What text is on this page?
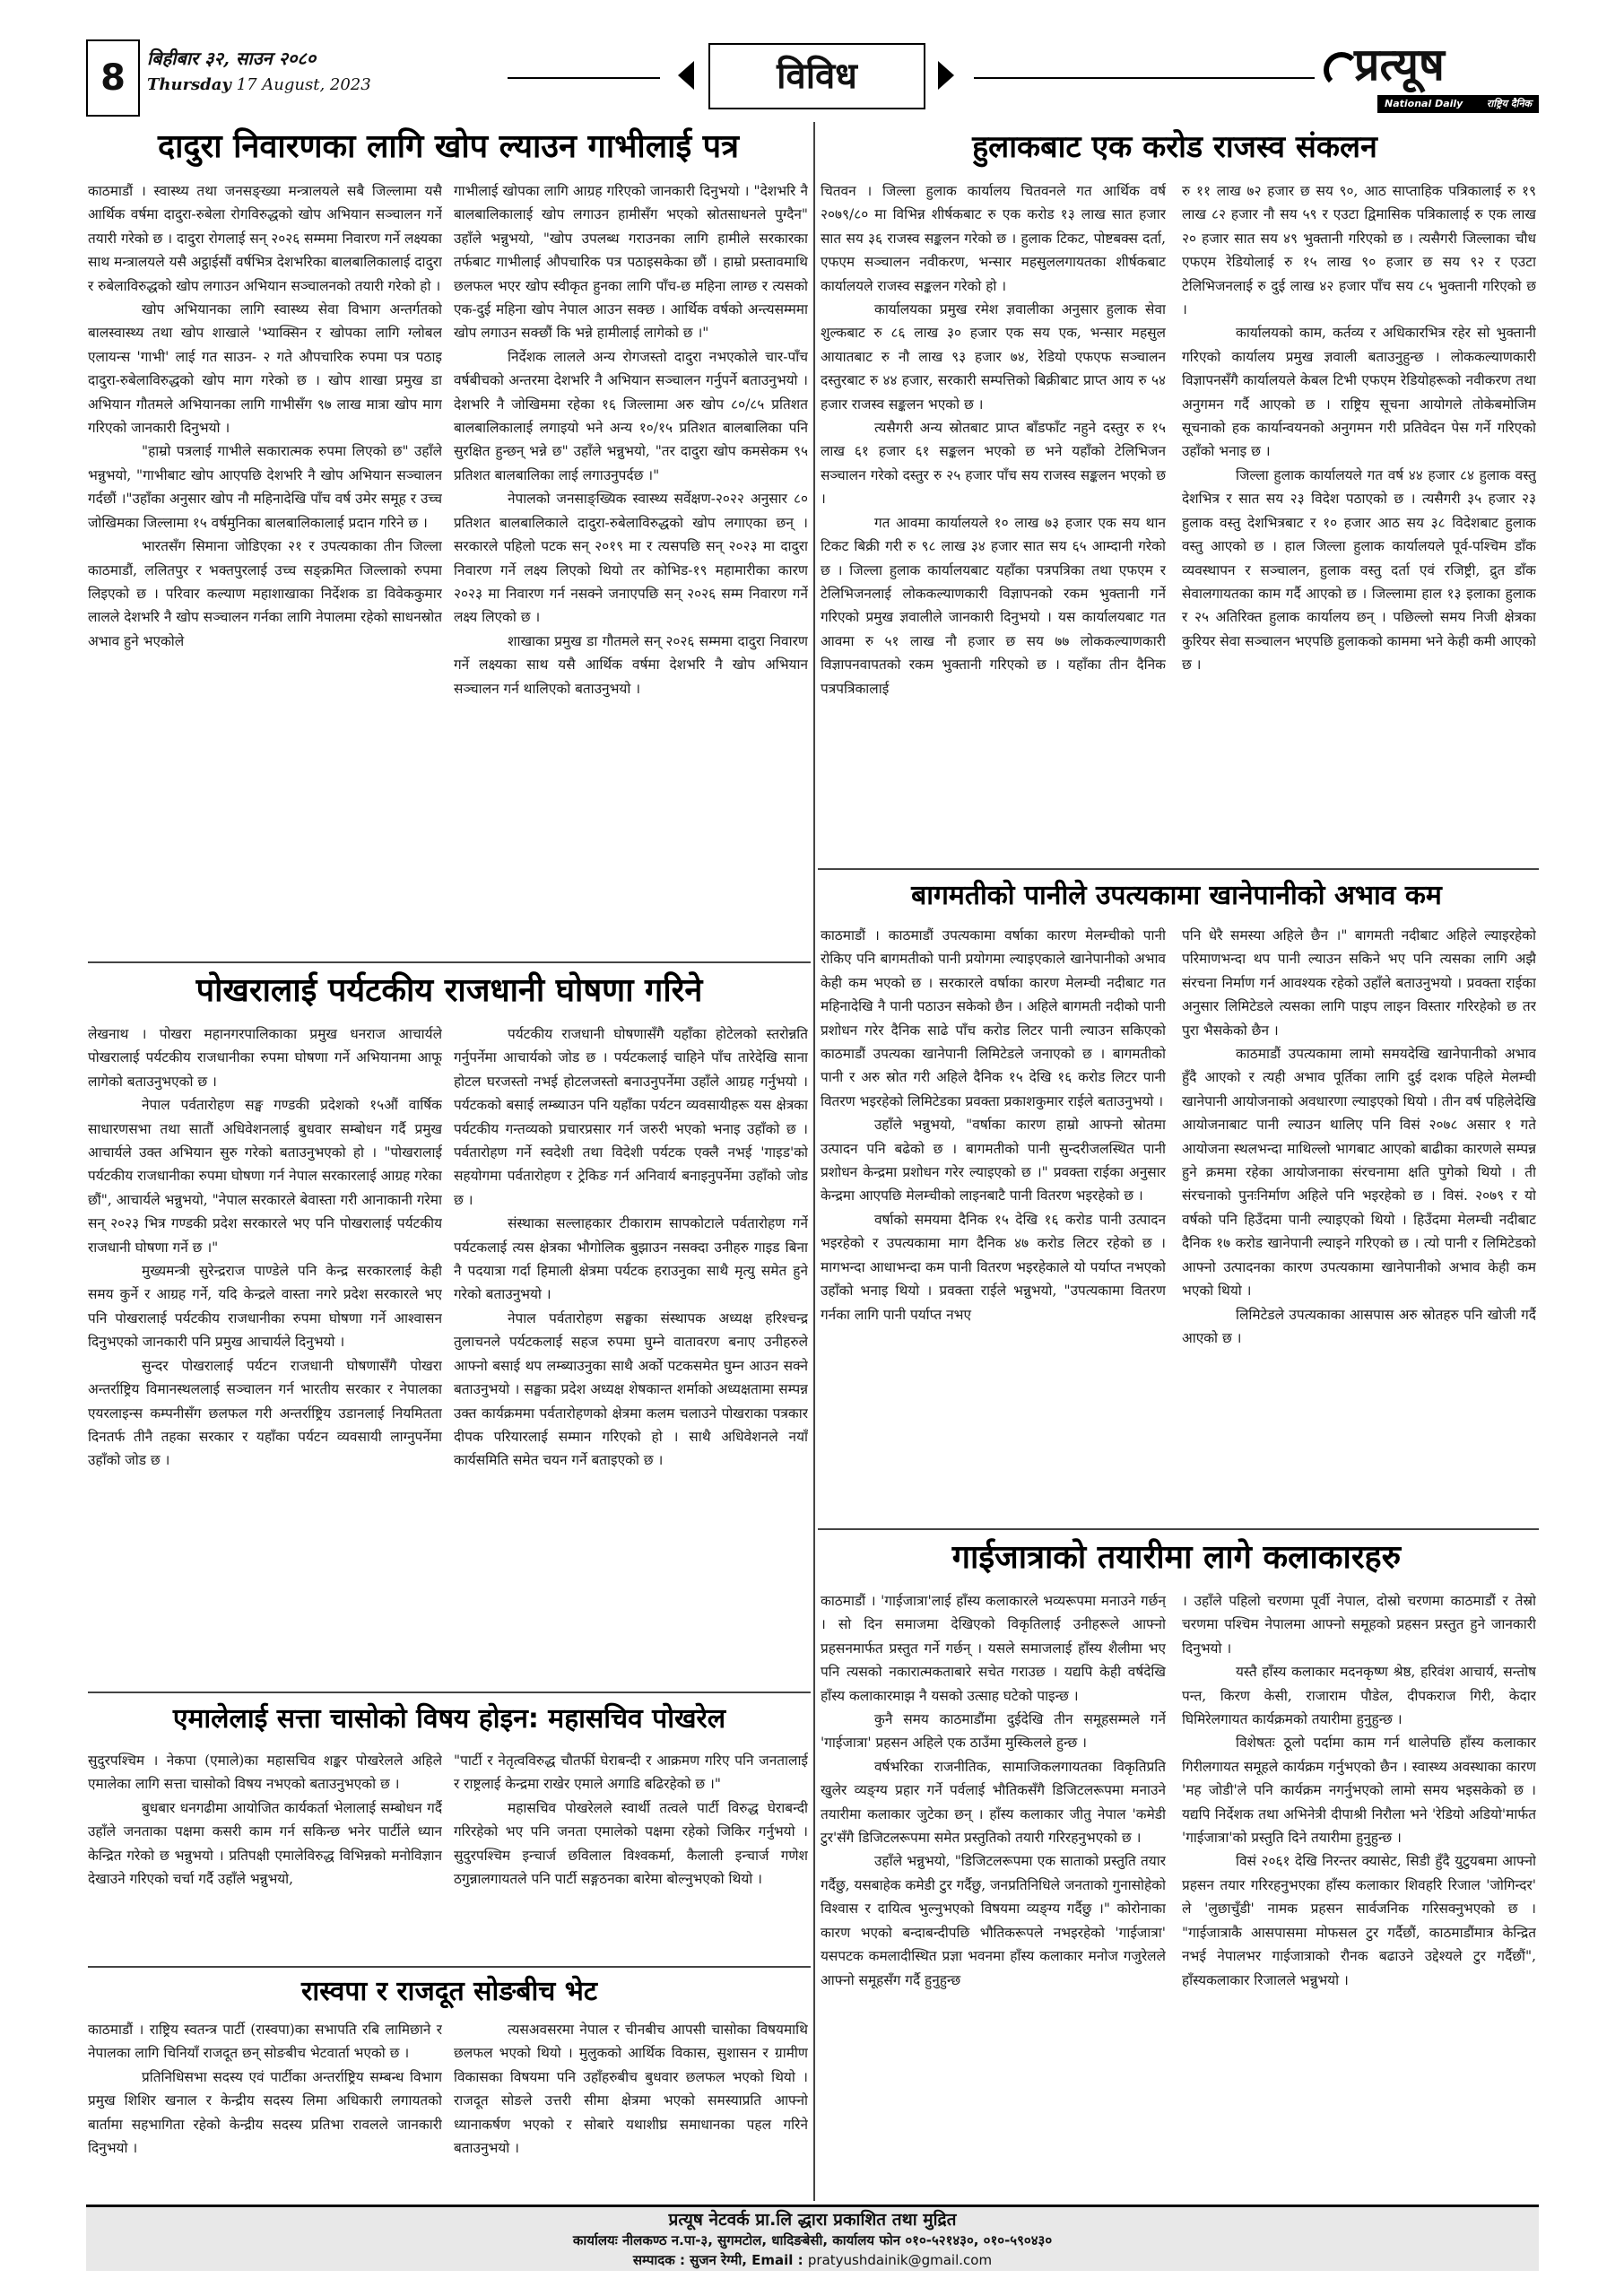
8	बिहीबार ३२, साउन २०८०
Thursday 17 August, 2023	विविध	प्रत्यूष
National Daily राष्ट्रिय दैनिक
दादुरा निवारणका लागि खोप ल्याउन गाभीलाई पत्र

काठमाडौं । स्वास्थ्य तथा जनसङ्ख्या मन्त्रालयले सबै जिल्लामा यसै आर्थिक वर्षमा दादुरा-रुबेला रोगविरुद्धको खोप अभियान सञ्चालन गर्ने तयारी गरेको छ । दादुरा रोगलाई सन् २०२६ सम्ममा निवारण गर्ने लक्ष्यका साथ मन्त्रालयले यसै अट्ठाईसौं वर्षभित्र देशभरिका बालबालिकालाई दादुरा र रुबेलाविरुद्धको खोप लगाउन अभियान सञ्चालनको तयारी गरेको हो ।

खोप अभियानका लागि स्वास्थ्य सेवा विभाग अन्तर्गतको बालस्वास्थ्य तथा खोप शाखाले 'भ्याक्सिन र खोपका लागि ग्लोबल एलायन्स 'गाभी' लाई गत साउन- २ गते औपचारिक रुपमा पत्र पठाइ दादुरा-रुबेलाविरुद्धको खोप माग गरेको छ । खोप शाखा प्रमुख डा अभियान गौतमले अभियानका लागि गाभीसँग ९७ लाख मात्रा खोप माग गरिएको जानकारी दिनुभयो ।

"हाम्रो पत्रलाई गाभीले सकारात्मक रुपमा लिएको छ" उहाँले भन्नुभयो, "गाभीबाट खोप आएपछि देशभरि नै खोप अभियान सञ्चालन गर्दछौं ।"उहाँका अनुसार खोप नौ महिनादेखि पाँच वर्ष उमेर समूह र उच्च जोखिमका जिल्लामा १५ वर्षमुनिका बालबालिकालाई प्रदान गरिने छ ।

भारतसँग सिमाना जोडिएका २१ र उपत्यकाका तीन जिल्ला काठमाडौं, ललितपुर र भक्तपुरलाई उच्च सङ्क्रमित जिल्लाको रुपमा लिइएको छ । परिवार कल्याण महाशाखाका निर्देशक डा विवेककुमार लालले देशभरि नै खोप सञ्चालन गर्नका लागि नेपालमा रहेको साधनस्रोत अभाव हुने भएकोले

गाभीलाई खोपका लागि आग्रह गरिएको जानकारी दिनुभयो । "देशभरि नै बालबालिकालाई खोप लगाउन हामीसँग भएको स्रोतसाधनले पुग्दैन" उहाँले भन्नुभयो, "खोप उपलब्ध गराउनका लागि हामीले सरकारका तर्फबाट गाभीलाई औपचारिक पत्र पठाइसकेका छौं । हाम्रो प्रस्तावमाथि छलफल भएर खोप स्वीकृत हुनका लागि पाँच-छ महिना लाग्छ र त्यसको एक-दुई महिना खोप नेपाल आउन सक्छ । आर्थिक वर्षको अन्त्यसम्ममा खोप लगाउन सक्छौं कि भन्ने हामीलाई लागेको छ ।"

निर्देशक लालले अन्य रोगजस्तो दादुरा नभएकोले चार-पाँच वर्षबीचको अन्तरमा देशभरि नै अभियान सञ्चालन गर्नुपर्ने बताउनुभयो । देशभरि नै जोखिममा रहेका १६ जिल्लामा अरु खोप ८०/८५ प्रतिशत बालबालिकालाई लगाइयो भने अन्य १०/१५ प्रतिशत बालबालिका पनि सुरक्षित हुन्छन् भन्ने छ" उहाँले भन्नुभयो, "तर दादुरा खोप कमसेकम ९५ प्रतिशत बालबालिका लाई लगाउनुपर्दछ ।"

नेपालको जनसाङ्ख्यिक स्वास्थ्य सर्वेक्षण-२०२२ अनुसार ८० प्रतिशत बालबालिकाले दादुरा-रुबेलाविरुद्धको खोप लगाएका छन् । सरकारले पहिलो पटक सन् २०१९ मा र त्यसपछि सन् २०२३ मा दादुरा निवारण गर्ने लक्ष्य लिएको थियो तर कोभिड-१९ महामारीका कारण २०२३ मा निवारण गर्न नसक्ने जनाएपछि सन् २०२६ सम्म निवारण गर्ने लक्ष्य लिएको छ ।

शाखाका प्रमुख डा गौतमले सन् २०२६ सम्ममा दादुरा निवारण गर्ने लक्ष्यका साथ यसै आर्थिक वर्षमा देशभरि नै खोप अभियान सञ्चालन गर्न थालिएको बताउनुभयो ।

हुलाकबाट एक करोड राजस्व संकलन

चितवन । जिल्ला हुलाक कार्यालय चितवनले गत आर्थिक वर्ष २०७९/८० मा विभिन्न शीर्षकबाट रु एक करोड १३ लाख सात हजार सात सय ३६ राजस्व सङ्कलन गरेको छ । हुलाक टिकट, पोष्टबक्स दर्ता, एफएम सञ्चालन नवीकरण, भन्सार महसुललगायतका शीर्षकबाट कार्यालयले राजस्व सङ्कलन गरेको हो ।

कार्यालयका प्रमुख रमेश ज्ञवालीका अनुसार हुलाक सेवा शुल्कबाट रु ८६ लाख ३० हजार एक सय एक, भन्सार महसुल आयातबाट रु नौ लाख ९३ हजार ७४, रेडियो एफएफ सञ्चालन दस्तुरबाट रु ४४ हजार, सरकारी सम्पत्तिको बिक्रीबाट प्राप्त आय रु ५४ हजार राजस्व सङ्कलन भएको छ ।

त्यसैगरी अन्य स्रोतबाट प्राप्त बाँडफाँट नहुने दस्तुर रु १५ लाख ६१ हजार ६१ सङ्कलन भएको छ भने यहाँको टेलिभिजन सञ्चालन गरेको दस्तुर रु २५ हजार पाँच सय राजस्व सङ्कलन भएको छ ।

गत आवमा कार्यालयले १० लाख ७३ हजार एक सय थान टिकट बिक्री गरी रु ९८ लाख ३४ हजार सात सय ६५ आम्दानी गरेको छ । जिल्ला हुलाक कार्यालयबाट यहाँका पत्रपत्रिका तथा एफएम र टेलिभिजनलाई लोककल्याणकारी विज्ञापनको रकम भुक्तानी गर्ने गरिएको प्रमुख ज्ञवालीले जानकारी दिनुभयो । यस कार्यालयबाट गत आवमा रु ५१ लाख नौ हजार छ सय ७७ लोककल्याणकारी विज्ञापनवापतको रकम भुक्तानी गरिएको छ । यहाँका तीन दैनिक पत्रपत्रिकालाई

रु ११ लाख ७२ हजार छ सय ९०, आठ साप्ताहिक पत्रिकालाई रु १९ लाख ८२ हजार नौ सय ५९ र एउटा द्विमासिक पत्रिकालाई रु एक लाख २० हजार सात सय ४९ भुक्तानी गरिएको छ । त्यसैगरी जिल्लाका चौध एफएम रेडियोलाई रु १५ लाख ९० हजार छ सय ९२ र एउटा टेलिभिजनलाई रु दुई लाख ४२ हजार पाँच सय ८५ भुक्तानी गरिएको छ ।

कार्यालयको काम, कर्तव्य र अधिकारभित्र रहेर सो भुक्तानी गरिएको कार्यालय प्रमुख ज्ञवाली बताउनुहुन्छ । लोककल्याणकारी विज्ञापनसँगै कार्यालयले केबल टिभी एफएम रेडियोहरूको नवीकरण तथा अनुगमन गर्दै आएको छ । राष्ट्रिय सूचना आयोगले तोकेबमोजिम सूचनाको हक कार्यान्वयनको अनुगमन गरी प्रतिवेदन पेस गर्ने गरिएको उहाँको भनाइ छ ।

जिल्ला हुलाक कार्यालयले गत वर्ष ४४ हजार ८४ हुलाक वस्तु देशभित्र र सात सय २३ विदेश पठाएको छ । त्यसैगरी ३५ हजार २३ हुलाक वस्तु देशभित्रबाट र १० हजार आठ सय ३८ विदेशबाट हुलाक वस्तु आएको छ । हाल जिल्ला हुलाक कार्यालयले पूर्व-पश्चिम डाँक व्यवस्थापन र सञ्चालन, हुलाक वस्तु दर्ता एवं रजिष्ट्री, द्रुत डाँक सेवालगायतका काम गर्दै आएको छ । जिल्लामा हाल १३ इलाका हुलाक र २५ अतिरिक्त हुलाक कार्यालय छन् । पछिल्लो समय निजी क्षेत्रका कुरियर सेवा सञ्चालन भएपछि हुलाकको काममा भने केही कमी आएको छ ।

बागमतीको पानीले उपत्यकामा खानेपानीको अभाव कम

काठमाडौं । काठमाडौं उपत्यकामा वर्षाका कारण मेलम्चीको पानी रोकिए पनि बागमतीको पानी प्रयोगमा ल्याइएकाले खानेपानीको अभाव केही कम भएको छ । सरकारले वर्षाका कारण मेलम्ची नदीबाट गत महिनादेखि नै पानी पठाउन सकेको छैन । अहिले बागमती नदीको पानी प्रशोधन गरेर दैनिक साढे पाँच करोड लिटर पानी ल्याउन सकिएको काठमाडौं उपत्यका खानेपानी लिमिटेडले जनाएको छ । बागमतीको पानी र अरु स्रोत गरी अहिले दैनिक १५ देखि १६ करोड लिटर पानी वितरण भइरहेको लिमिटेडका प्रवक्ता प्रकाशकुमार राईले बताउनुभयो ।

उहाँले भन्नुभयो, "वर्षाका कारण हाम्रो आफ्नो स्रोतमा उत्पादन पनि बढेको छ । बागमतीको पानी सुन्दरीजलस्थित पानी प्रशोधन केन्द्रमा प्रशोधन गरेर ल्याइएको छ ।" प्रवक्ता राईका अनुसार केन्द्रमा आएपछि मेलम्चीको लाइनबाटै पानी वितरण भइरहेको छ ।

वर्षाको समयमा दैनिक १५ देखि १६ करोड पानी उत्पादन भइरहेको र उपत्यकामा माग दैनिक ४७ करोड लिटर रहेको छ । मागभन्दा आधाभन्दा कम पानी वितरण भइरहेकाले यो पर्याप्त नभएको उहाँको भनाइ थियो । प्रवक्ता राईले भन्नुभयो, "उपत्यकामा वितरण गर्नका लागि पानी पर्याप्त नभए

पनि धेरै समस्या अहिले छैन ।" बागमती नदीबाट अहिले ल्याइरहेको परिमाणभन्दा थप पानी ल्याउन सकिने भए पनि त्यसका लागि अझै संरचना निर्माण गर्न आवश्यक रहेको उहाँले बताउनुभयो । प्रवक्ता राईका अनुसार लिमिटेडले त्यसका लागि पाइप लाइन विस्तार गरिरहेको छ तर पुरा भैसकेको छैन ।

काठमाडौं उपत्यकामा लामो समयदेखि खानेपानीको अभाव हुँदै आएको र त्यही अभाव पूर्तिका लागि दुई दशक पहिले मेलम्ची खानेपानी आयोजनाको अवधारणा ल्याइएको थियो । तीन वर्ष पहिलेदेखि आयोजनाबाट पानी ल्याउन थालिए पनि विसं २०७८ असार १ गते आयोजना स्थलभन्दा माथिल्लो भागबाट आएको बाढीका कारणले सम्पन्न हुने क्रममा रहेका आयोजनाका संरचनामा क्षति पुगेको थियो । ती संरचनाको पुनःनिर्माण अहिले पनि भइरहेको छ । विसं. २०७९ र यो वर्षको पनि हिउँदमा पानी ल्याइएको थियो । हिउँदमा मेलम्ची नदीबाट दैनिक १७ करोड खानेपानी ल्याइने गरिएको छ । त्यो पानी र लिमिटेडको आफ्नो उत्पादनका कारण उपत्यकामा खानेपानीको अभाव केही कम भएको थियो ।

लिमिटेडले उपत्यकाका आसपास अरु स्रोतहरु पनि खोजी गर्दै आएको छ ।

पोखरालाई पर्यटकीय राजधानी घोषणा गरिने

लेखनाथ । पोखरा महानगरपालिकाका प्रमुख धनराज आचार्यले पोखरालाई पर्यटकीय राजधानीका रुपमा घोषणा गर्ने अभियानमा आफू लागेको बताउनुभएको छ ।

नेपाल पर्वतारोहण सङ्घ गण्डकी प्रदेशको १५औं वार्षिक साधारणसभा तथा सातौं अधिवेशनलाई बुधवार सम्बोधन गर्दै प्रमुख आचार्यले उक्त अभियान सुरु गरेको बताउनुभएको हो । "पोखरालाई पर्यटकीय राजधानीका रुपमा घोषणा गर्न नेपाल सरकारलाई आग्रह गरेका छौं", आचार्यले भन्नुभयो, "नेपाल सरकारले बेवास्ता गरी आनाकानी गरेमा सन् २०२३ भित्र गण्डकी प्रदेश सरकारले भए पनि पोखरालाई पर्यटकीय राजधानी घोषणा गर्ने छ ।"

मुख्यमन्त्री सुरेन्द्रराज पाण्डेले पनि केन्द्र सरकारलाई केही समय कुर्ने र आग्रह गर्ने, यदि केन्द्रले वास्ता नगरे प्रदेश सरकारले भए पनि पोखरालाई पर्यटकीय राजधानीका रुपमा घोषणा गर्ने आश्वासन दिनुभएको जानकारी पनि प्रमुख आचार्यले दिनुभयो ।

सुन्दर पोखरालाई पर्यटन राजधानी घोषणासँगै पोखरा अन्तर्राष्ट्रिय विमानस्थललाई सञ्चालन गर्न भारतीय सरकार र नेपालका एयरलाइन्स कम्पनीसँग छलफल गरी अन्तर्राष्ट्रिय उडानलाई नियमितता दिनतर्फ तीनै तहका सरकार र यहाँका पर्यटन व्यवसायी लाग्नुपर्नेमा उहाँको जोड छ ।

पर्यटकीय राजधानी घोषणासँगै यहाँका होटेलको स्तरोन्नति गर्नुपर्नेमा आचार्यको जोड छ । पर्यटकलाई चाहिने पाँच तारेदेखि साना होटल घरजस्तो नभई होटलजस्तो बनाउनुपर्नेमा उहाँले आग्रह गर्नुभयो । पर्यटकको बसाई लम्ब्याउन पनि यहाँका पर्यटन व्यवसायीहरू यस क्षेत्रका पर्यटकीय गन्तव्यको प्रचारप्रसार गर्न जरुरी भएको भनाइ उहाँको छ । पर्वतारोहण गर्ने स्वदेशी तथा विदेशी पर्यटक एक्लै नभई 'गाइड'को सहयोगमा पर्वतारोहण र ट्रेकिङ गर्न अनिवार्य बनाइनुपर्नेमा उहाँको जोड छ ।

संस्थाका सल्लाहकार टीकाराम सापकोटाले पर्वतारोहण गर्ने पर्यटकलाई त्यस क्षेत्रका भौगोलिक बुझाउन नसक्दा उनीहरु गाइड बिना नै पदयात्रा गर्दा हिमाली क्षेत्रमा पर्यटक हराउनुका साथै मृत्यु समेत हुने गरेको बताउनुभयो ।

नेपाल पर्वतारोहण सङ्घका संस्थापक अध्यक्ष हरिश्चन्द्र तुलाचनले पर्यटकलाई सहज रुपमा घुम्ने वातावरण बनाए उनीहरुले आफ्नो बसाई थप लम्ब्याउनुका साथै अर्को पटकसमेत घुम्न आउन सक्ने बताउनुभयो । सङ्घका प्रदेश अध्यक्ष शेषकान्त शर्माको अध्यक्षतामा सम्पन्न उक्त कार्यक्रममा पर्वतारोहणको क्षेत्रमा कलम चलाउने पोखराका पत्रकार दीपक परियारलाई सम्मान गरिएको हो । साथै अधिवेशनले नयाँ कार्यसमिति समेत चयन गर्ने बताइएको छ ।

एमालेलाई सत्ता चासोको विषय होइन: महासचिव पोखरेल

सुदुरपश्चिम । नेकपा (एमाले)का महासचिव शङ्कर पोखरेलले अहिले एमालेका लागि सत्ता चासोको विषय नभएको बताउनुभएको छ ।

बुधबार धनगढीमा आयोजित कार्यकर्ता भेलालाई सम्बोधन गर्दै उहाँले जनताका पक्षमा कसरी काम गर्न सकिन्छ भनेर पार्टीले ध्यान केन्द्रित गरेको छ भन्नुभयो । प्रतिपक्षी एमालेविरुद्ध विभिन्नको मनोविज्ञान देखाउने गरिएको चर्चा गर्दै उहाँले भन्नुभयो,

"पार्टी र नेतृत्वविरुद्ध चौतर्फी घेराबन्दी र आक्रमण गरिए पनि जनतालाई र राष्ट्रलाई केन्द्रमा राखेर एमाले अगाडि बढिरहेको छ ।"

महासचिव पोखरेलले स्वार्थी तत्वले पार्टी विरुद्ध घेराबन्दी गरिरहेको भए पनि जनता एमालेको पक्षमा रहेको जिकिर गर्नुभयो । सुदुरपश्चिम इन्चार्ज छविलाल विश्वकर्मा, कैलाली इन्चार्ज गणेश ठगुन्नालगायतले पनि पार्टी सङ्गठनका बारेमा बोल्नुभएको थियो ।

रास्वपा र राजदूत सोङबीच भेट

काठमाडौं । राष्ट्रिय स्वतन्त्र पार्टी (रास्वपा)का सभापति रबि लामिछाने र नेपालका लागि चिनियाँ राजदूत छन् सोङबीच भेटवार्ता भएको छ ।

प्रतिनिधिसभा सदस्य एवं पार्टीका अन्तर्राष्ट्रिय सम्बन्ध विभाग प्रमुख शिशिर खनाल र केन्द्रीय सदस्य लिमा अधिकारी लगायतको बार्तामा सहभागिता रहेको केन्द्रीय सदस्य प्रतिभा रावलले जानकारी दिनुभयो ।

त्यसअवसरमा नेपाल र चीनबीच आपसी चासोका विषयमाथि छलफल भएको थियो । मुलुकको आर्थिक विकास, सुशासन र ग्रामीण विकासका विषयमा पनि उहाँहरुबीच बुधवार छलफल भएको थियो । राजदूत सोङले उत्तरी सीमा क्षेत्रमा भएको समस्याप्रति आफ्नो ध्यानाकर्षण भएको र सोबारे यथाशीघ्र समाधानका पहल गरिने बताउनुभयो ।

गाईजात्राको तयारीमा लागे कलाकारहरु

काठमाडौं । 'गाईजात्रा'लाई हाँस्य कलाकारले भव्यरूपमा मनाउने गर्छन् । सो दिन समाजमा देखिएको विकृतिलाई उनीहरूले आफ्नो प्रहसनमार्फत प्रस्तुत गर्ने गर्छन् । यसले समाजलाई हाँस्य शैलीमा भए पनि त्यसको नकारात्मकताबारे सचेत गराउछ । यद्यपि केही वर्षदेखि हाँस्य कलाकारमाझ नै यसको उत्साह घटेको पाइन्छ ।

कुनै समय काठमाडौंमा दुईदेखि तीन समूहसम्मले गर्ने 'गाईजात्रा' प्रहसन अहिले एक ठाउँमा मुस्किलले हुन्छ ।

वर्षभरिका राजनीतिक, सामाजिकलगायतका विकृतिप्रति खुलेर व्यङ्ग्य प्रहार गर्ने पर्वलाई भौतिकसँगै डिजिटलरूपमा मनाउने तयारीमा कलाकार जुटेका छन् । हाँस्य कलाकार जीतु नेपाल 'कमेडी टुर'सँगै डिजिटलरूपमा समेत प्रस्तुतिको तयारी गरिरहनुभएको छ ।

उहाँले भन्नुभयो, "डिजिटलरूपमा एक साताको प्रस्तुति तयार गर्दैछु, यसबाहेक कमेडी टुर गर्दैछु, जनप्रतिनिधिले जनताको गुनासोहेको विश्वास र दायित्व भुल्नुभएको विषयमा व्यङ्ग्य गर्दैछु ।" कोरोनाका कारण भएको बन्दाबन्दीपछि भौतिकरूपले नभइरहेको 'गाईजात्रा' यसपटक कमलादीस्थित प्रज्ञा भवनमा हाँस्य कलाकार मनोज गजुरेलले आफ्नो समूहसँग गर्दै हुनुहुन्छ

। उहाँले पहिलो चरणमा पूर्वी नेपाल, दोस्रो चरणमा काठमाडौं र तेस्रो चरणमा पश्चिम नेपालमा आफ्नो समूहको प्रहसन प्रस्तुत हुने जानकारी दिनुभयो ।

यस्तै हाँस्य कलाकार मदनकृष्ण श्रेष्ठ, हरिवंश आचार्य, सन्तोष पन्त, किरण केसी, राजाराम पौडेल, दीपकराज गिरी, केदार घिमिरेलगायत कार्यक्रमको तयारीमा हुनुहुन्छ ।

विशेषतः ठूलो पर्दामा काम गर्न थालेपछि हाँस्य कलाकार गिरीलगायत समूहले कार्यक्रम गर्नुभएको छैन । स्वास्थ्य अवस्थाका कारण 'मह जोडी'ले पनि कार्यक्रम नगर्नुभएको लामो समय भइसकेको छ । यद्यपि निर्देशक तथा अभिनेत्री दीपाश्री निरौला भने 'रेडियो अडियो'मार्फत 'गाईजात्रा'को प्रस्तुति दिने तयारीमा हुनुहुन्छ ।

विसं २०६१ देखि निरन्तर क्यासेट, सिडी हुँदै युटुयबमा आफ्नो प्रहसन तयार गरिरहनुभएका हाँस्य कलाकार शिवहरि रिजाल 'जोगिन्दर' ले 'लुछाचुँडी' नामक प्रहसन सार्वजनिक गरिसक्नुभएको छ । "गाईजात्राकै आसपासमा मोफसल टुर गर्दैछौं, काठमाडौंमात्र केन्द्रित नभई नेपालभर गाईजात्राको रौनक बढाउने उद्देश्यले टुर गर्दैछौं", हाँस्यकलाकार रिजालले भन्नुभयो ।

प्रत्यूष नेटवर्क प्रा.लि द्धारा प्रकाशित तथा मुद्रित
कार्यालयः नीलकण्ठ न.पा-३, सुगमटोल, धादिङबेसी, कार्यालय फोन ०१०-५२१४३०, ०१०-५९०४३०
सम्पादक : सुजन रेग्मी, Email : pratyushdainik@gmail.com
